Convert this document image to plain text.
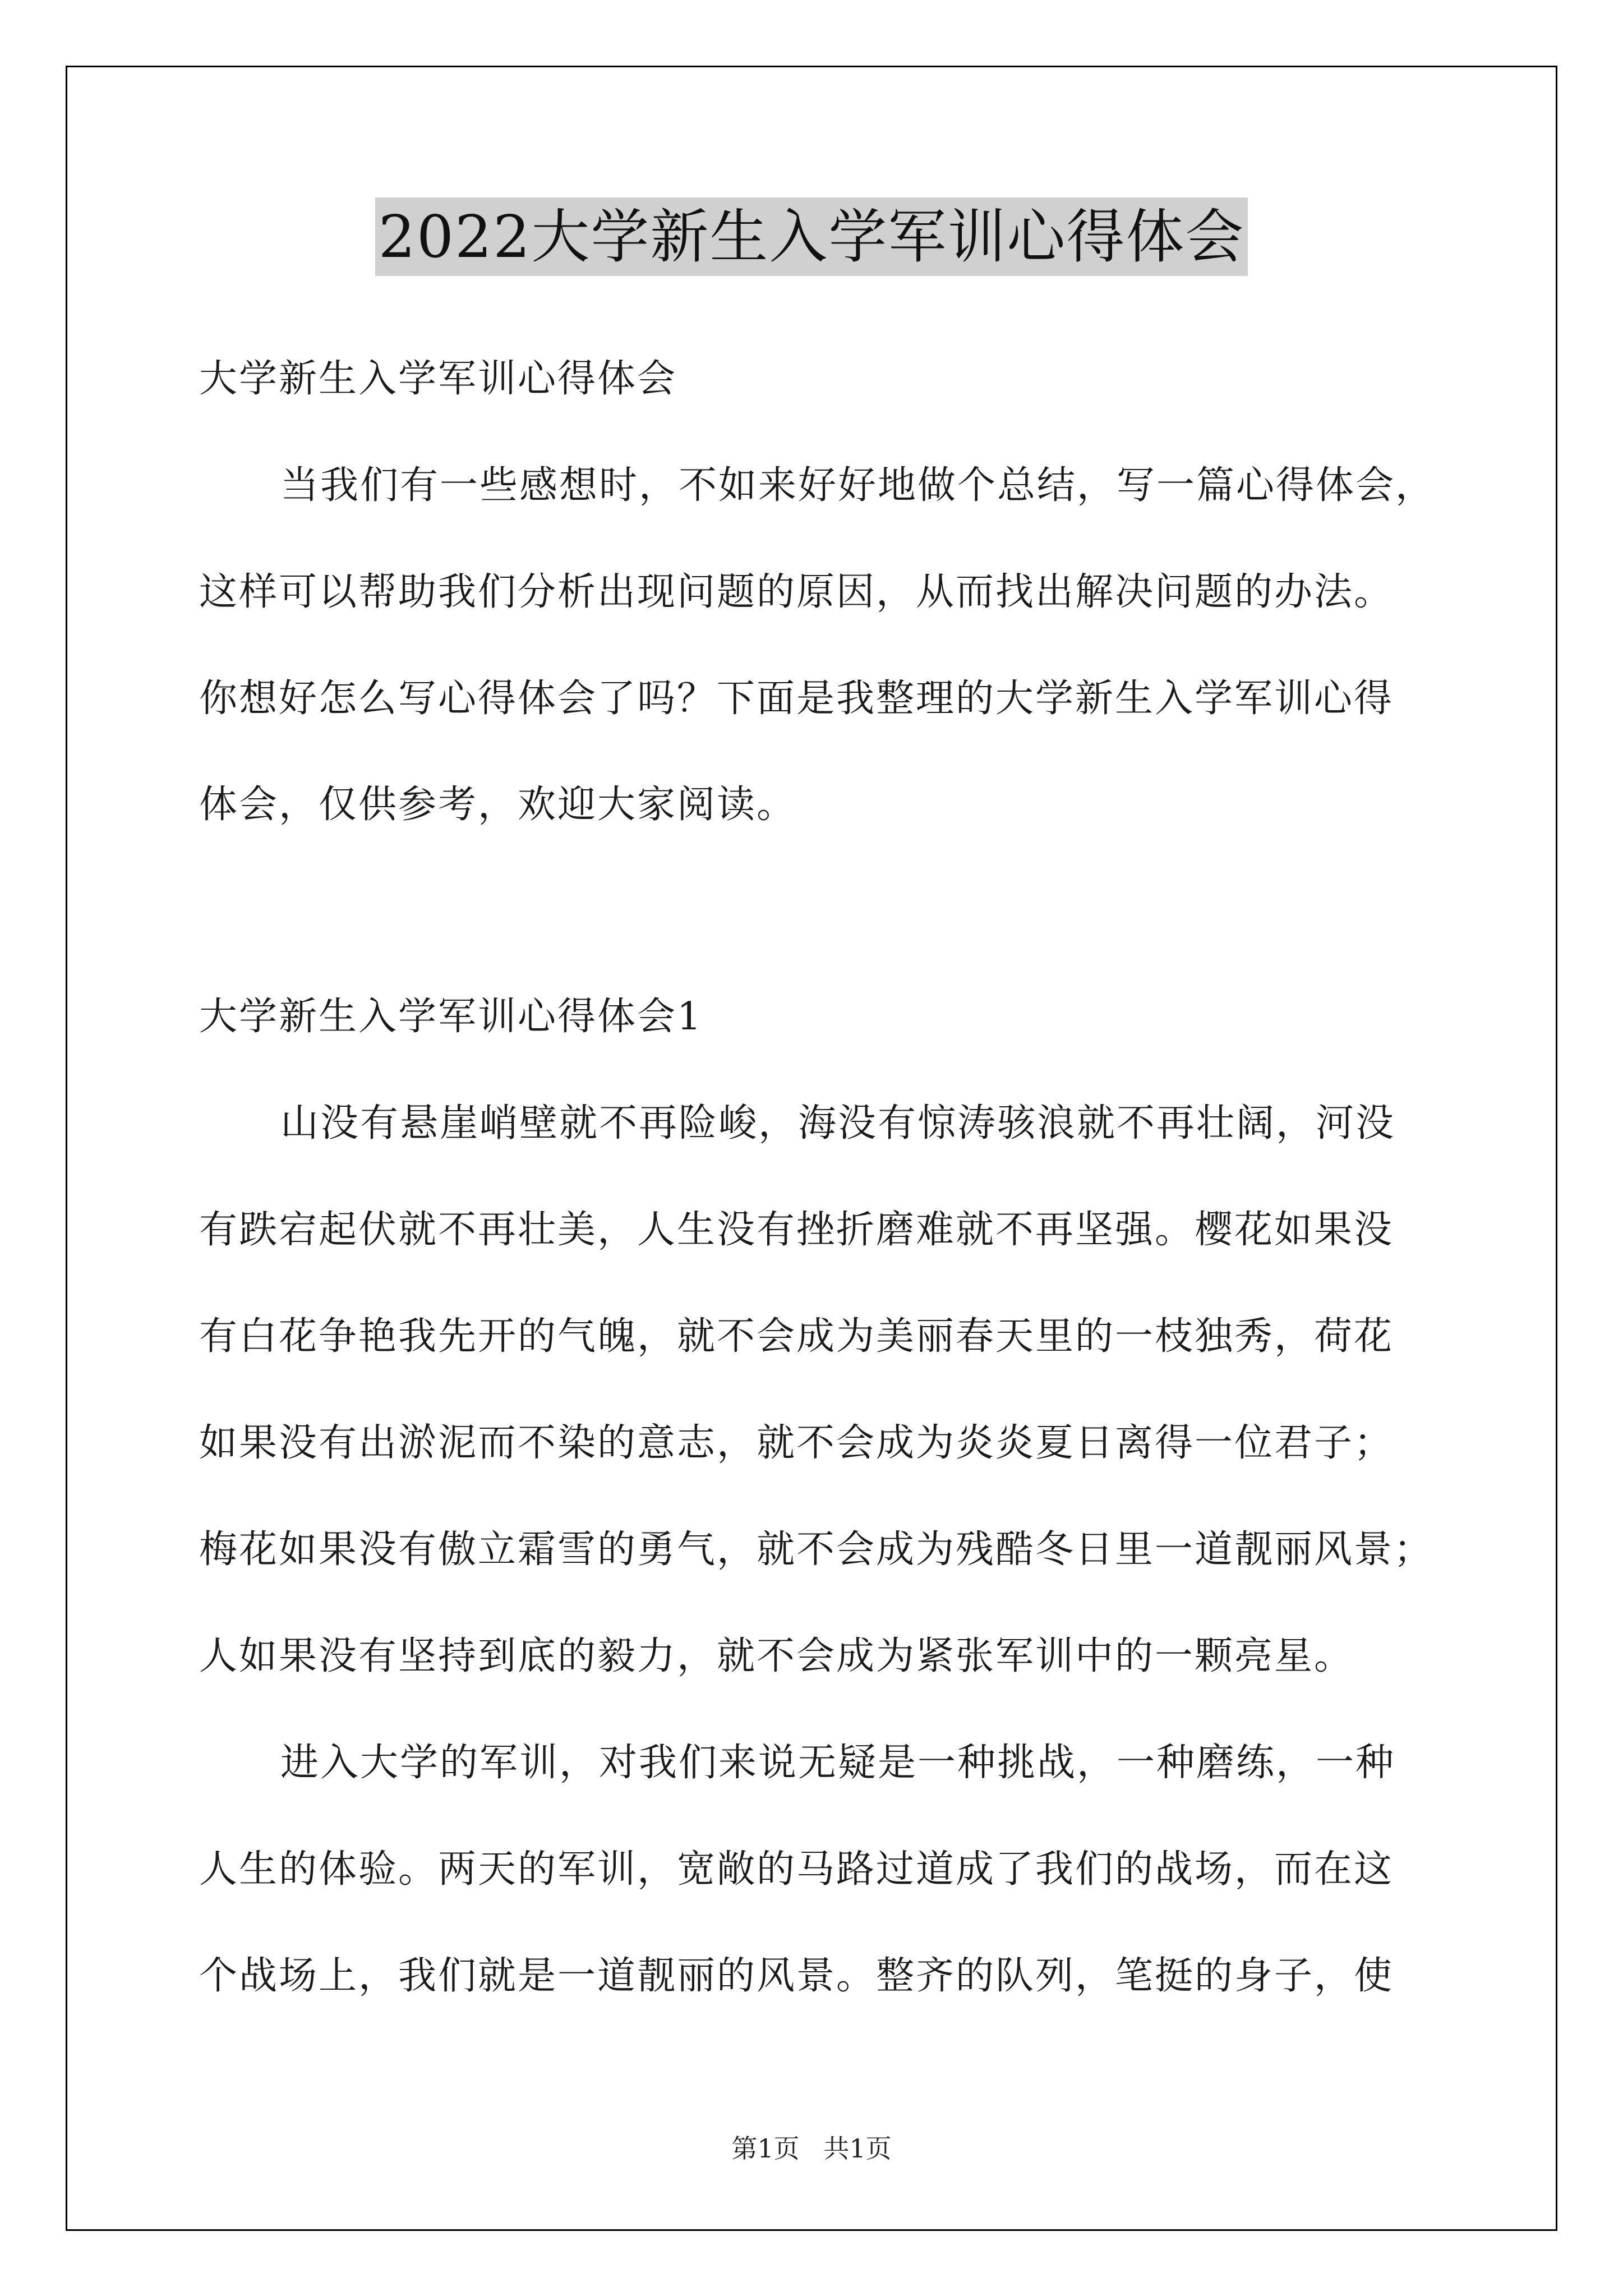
2022大学新生入学军训心得体会
大学新生入学军训心得体会
当我们有一些感想时，不如来好好地做个总结，写一篇心得体会，
这样可以帮助我们分析出现问题的原因，从而找出解决问题的办法。
你想好怎么写心得体会了吗？下面是我整理的大学新生入学军训心得
体会，仅供参考，欢迎大家阅读。
大学新生入学军训心得体会1
山没有悬崖峭壁就不再险峻，海没有惊涛骇浪就不再壮阔，河没
有跌宕起伏就不再壮美，人生没有挫折磨难就不再坚强。樱花如果没
有白花争艳我先开的气魄，就不会成为美丽春天里的一枝独秀，荷花
如果没有出淤泥而不染的意志，就不会成为炎炎夏日离得一位君子；
梅花如果没有傲立霜雪的勇气，就不会成为残酷冬日里一道靓丽风景；
人如果没有坚持到底的毅力，就不会成为紧张军训中的一颗亮星。
进入大学的军训，对我们来说无疑是一种挑战，一种磨练，一种
人生的体验。两天的军训，宽敞的马路过道成了我们的战场，而在这
个战场上，我们就是一道靓丽的风景。整齐的队列，笔挺的身子，使
第1页 共1页
